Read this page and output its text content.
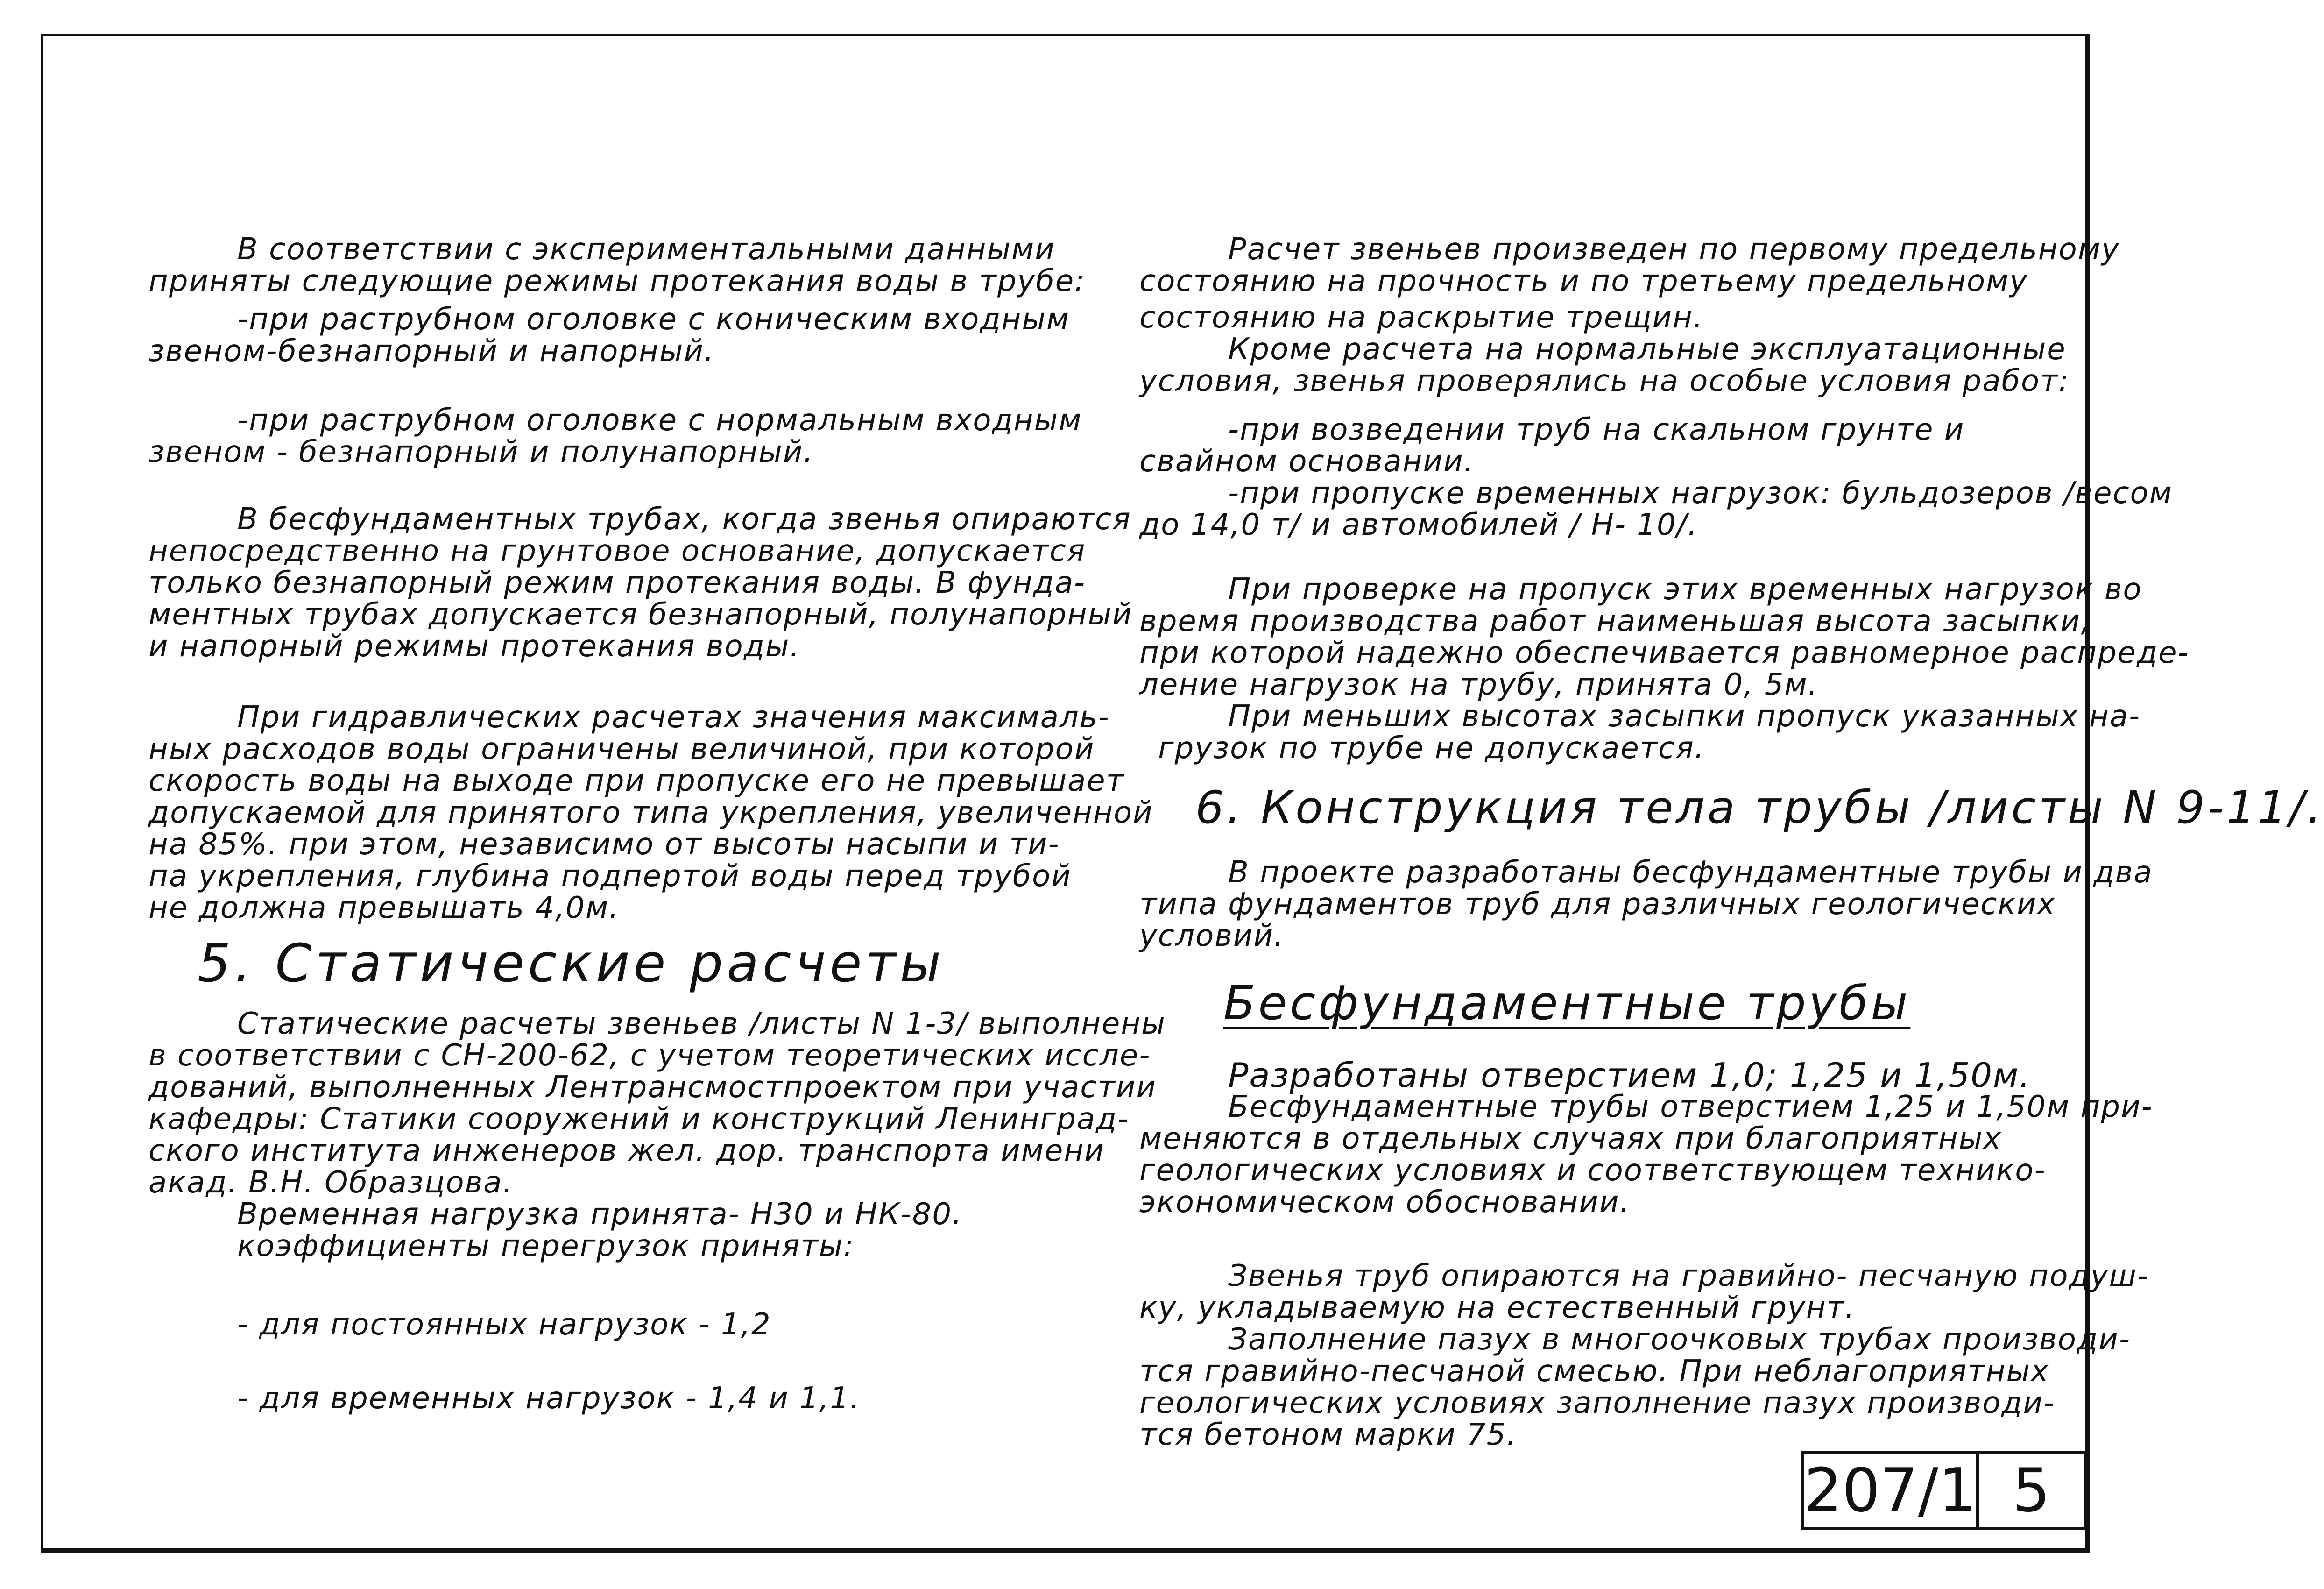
В соответствии с экспериментальными данными
приняты следующие режимы протекания воды в трубе:
-при раструбном оголовке с коническим входным
звеном-безнапорный и напорный.

-при раструбном оголовке с нормальным входным
звеном - безнапорный и полунапорный.

В бесфундаментных трубах, когда звенья опираются
непосредственно на грунтовое основание, допускается
только безнапорный режим протекания воды. В фунда-
ментных трубах допускается безнапорный, полунапорный
и напорный режимы протекания воды.

При гидравлических расчетах значения максималь-
ных расходов воды ограничены величиной, при которой
скорость воды на выходе при пропуске его не превышает
допускаемой для принятого типа укрепления, увеличенной
на 85%. при этом, независимо от высоты насыпи и ти-
па укрепления, глубина подпертой воды перед трубой
не должна превышать 4,0м.

5. Статические расчеты

Статические расчеты звеньев /листы N 1-3/ выполнены
в соответствии с СН-200-62, с учетом теоретических иссле-
дований, выполненных Лентрансмостпроектом при участии
кафедры: Статики сооружений и конструкций Ленинград-
ского института инженеров жел. дор. транспорта имени
акад. В.Н. Образцова.
Временная нагрузка принята- Н30 и НК-80.
коэффициенты перегрузок приняты:

- для постоянных нагрузок - 1,2

- для временных нагрузок - 1,4 и 1,1.

Расчет звеньев произведен по первому предельному
состоянию на прочность и по третьему предельному
состоянию на раскрытие трещин.
Кроме расчета на нормальные эксплуатационные
условия, звенья проверялись на особые условия работ:

-при возведении труб на скальном грунте и
свайном основании.
-при пропуске временных нагрузок: бульдозеров /весом
до 14,0 т/ и автомобилей / Н- 10/.

При проверке на пропуск этих временных нагрузок во
время производства работ наименьшая высота засыпки,
при которой надежно обеспечивается равномерное распреде-
ление нагрузок на трубу, принята 0, 5м.
При меньших высотах засыпки пропуск указанных на-
грузок по трубе не допускается.

6. Конструкция тела трубы /листы N 9-11/.

В проекте разработаны бесфундаментные трубы и два
типа фундаментов труб для различных геологических
условий.

Бесфундаментные трубы

Разработаны отверстием 1,0; 1,25 и 1,50м.
Бесфундаментные трубы отверстием 1,25 и 1,50м при-
меняются в отдельных случаях при благоприятных
геологических условиях и соответствующем технико-
экономическом обосновании.

Звенья труб опираются на гравийно- песчаную подуш-
ку, укладываемую на естественный грунт.
Заполнение пазух в многоочковых трубах производи-
тся гравийно-песчаной смесью. При неблагоприятных
геологических условиях заполнение пазух производи-
тся бетоном марки 75.

207/1 5
